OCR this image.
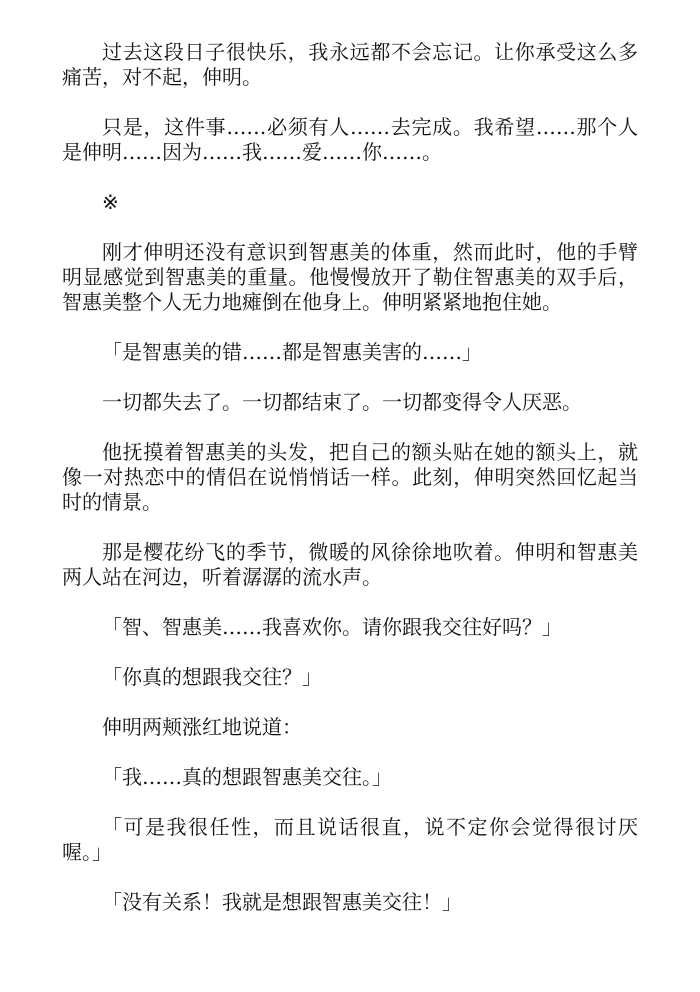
过去这段日子很快乐，我永远都不会忘记。让你承受这么多痛苦，对不起，伸明。

只是，这件事……必须有人……去完成。我希望……那个人是伸明……因为……我……爱……你……。

※

刚才伸明还没有意识到智惠美的体重，然而此时，他的手臂明显感觉到智惠美的重量。他慢慢放开了勒住智惠美的双手后，智惠美整个人无力地瘫倒在他身上。伸明紧紧地抱住她。

「是智惠美的错……都是智惠美害的……」

一切都失去了。一切都结束了。一切都变得令人厌恶。

他抚摸着智惠美的头发，把自己的额头贴在她的额头上，就像一对热恋中的情侣在说悄悄话一样。此刻，伸明突然回忆起当时的情景。

那是樱花纷飞的季节，微暖的风徐徐地吹着。伸明和智惠美两人站在河边，听着潺潺的流水声。

「智、智惠美……我喜欢你。请你跟我交往好吗？」

「你真的想跟我交往？」

伸明两颊涨红地说道：

「我……真的想跟智惠美交往。」

「可是我很任性，而且说话很直，说不定你会觉得很讨厌喔。」

「没有关系！我就是想跟智惠美交往！」
